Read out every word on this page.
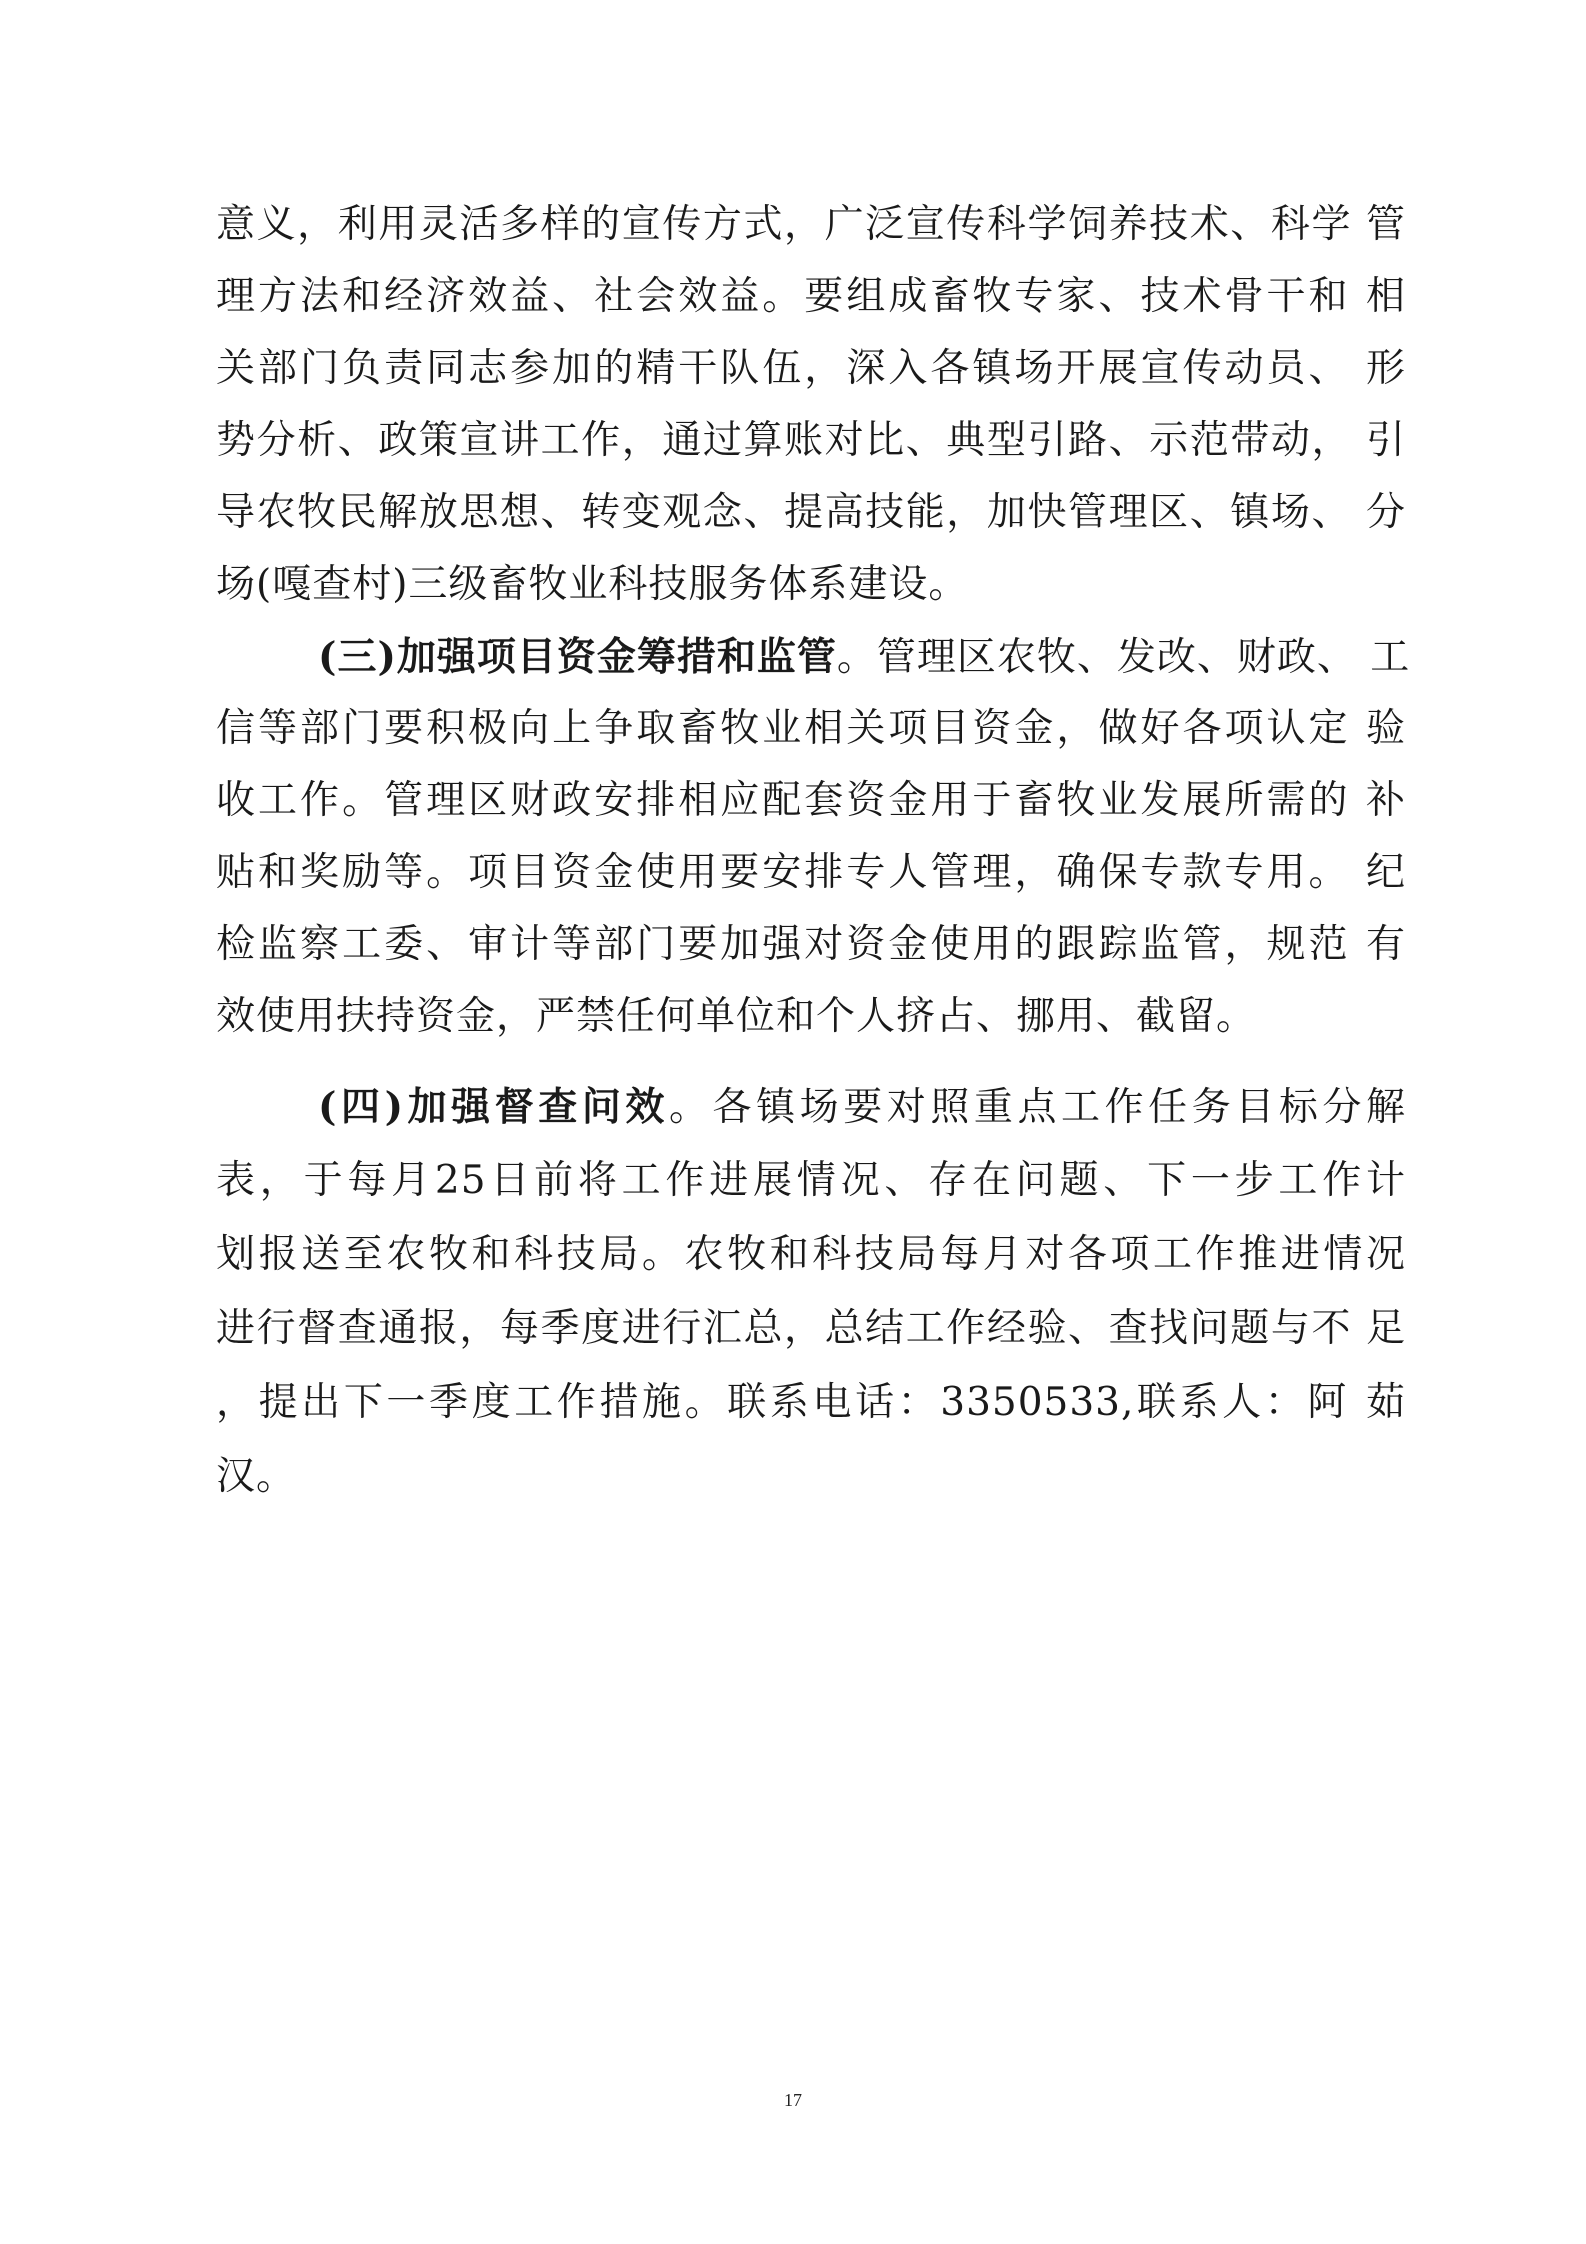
意义，利用灵活多样的宣传方式，广泛宣传科学饲养技术、科学 管
理方法和经济效益、社会效益。要组成畜牧专家、技术骨干和 相
关部门负责同志参加的精干队伍，深入各镇场开展宣传动员、 形
势分析、政策宣讲工作，通过算账对比、典型引路、示范带动， 引
导农牧民解放思想、转变观念、提高技能，加快管理区、镇场、 分
场(嘎查村)三级畜牧业科技服务体系建设。
(三)加强项目资金筹措和监管。管理区农牧、发改、财政、 工
信等部门要积极向上争取畜牧业相关项目资金，做好各项认定 验
收工作。管理区财政安排相应配套资金用于畜牧业发展所需的 补
贴和奖励等。项目资金使用要安排专人管理，确保专款专用。 纪
检监察工委、审计等部门要加强对资金使用的跟踪监管，规范 有
效使用扶持资金，严禁任何单位和个人挤占、挪用、截留。
(四)加强督查问效。各镇场要对照重点工作任务目标分解
表，于每月25日前将工作进展情况、存在问题、下一步工作计
划报送至农牧和科技局。农牧和科技局每月对各项工作推进情况
进行督查通报，每季度进行汇总，总结工作经验、查找问题与不 足
，提出下一季度工作措施。联系电话：3350533,联系人：阿 茹
汉。
17
